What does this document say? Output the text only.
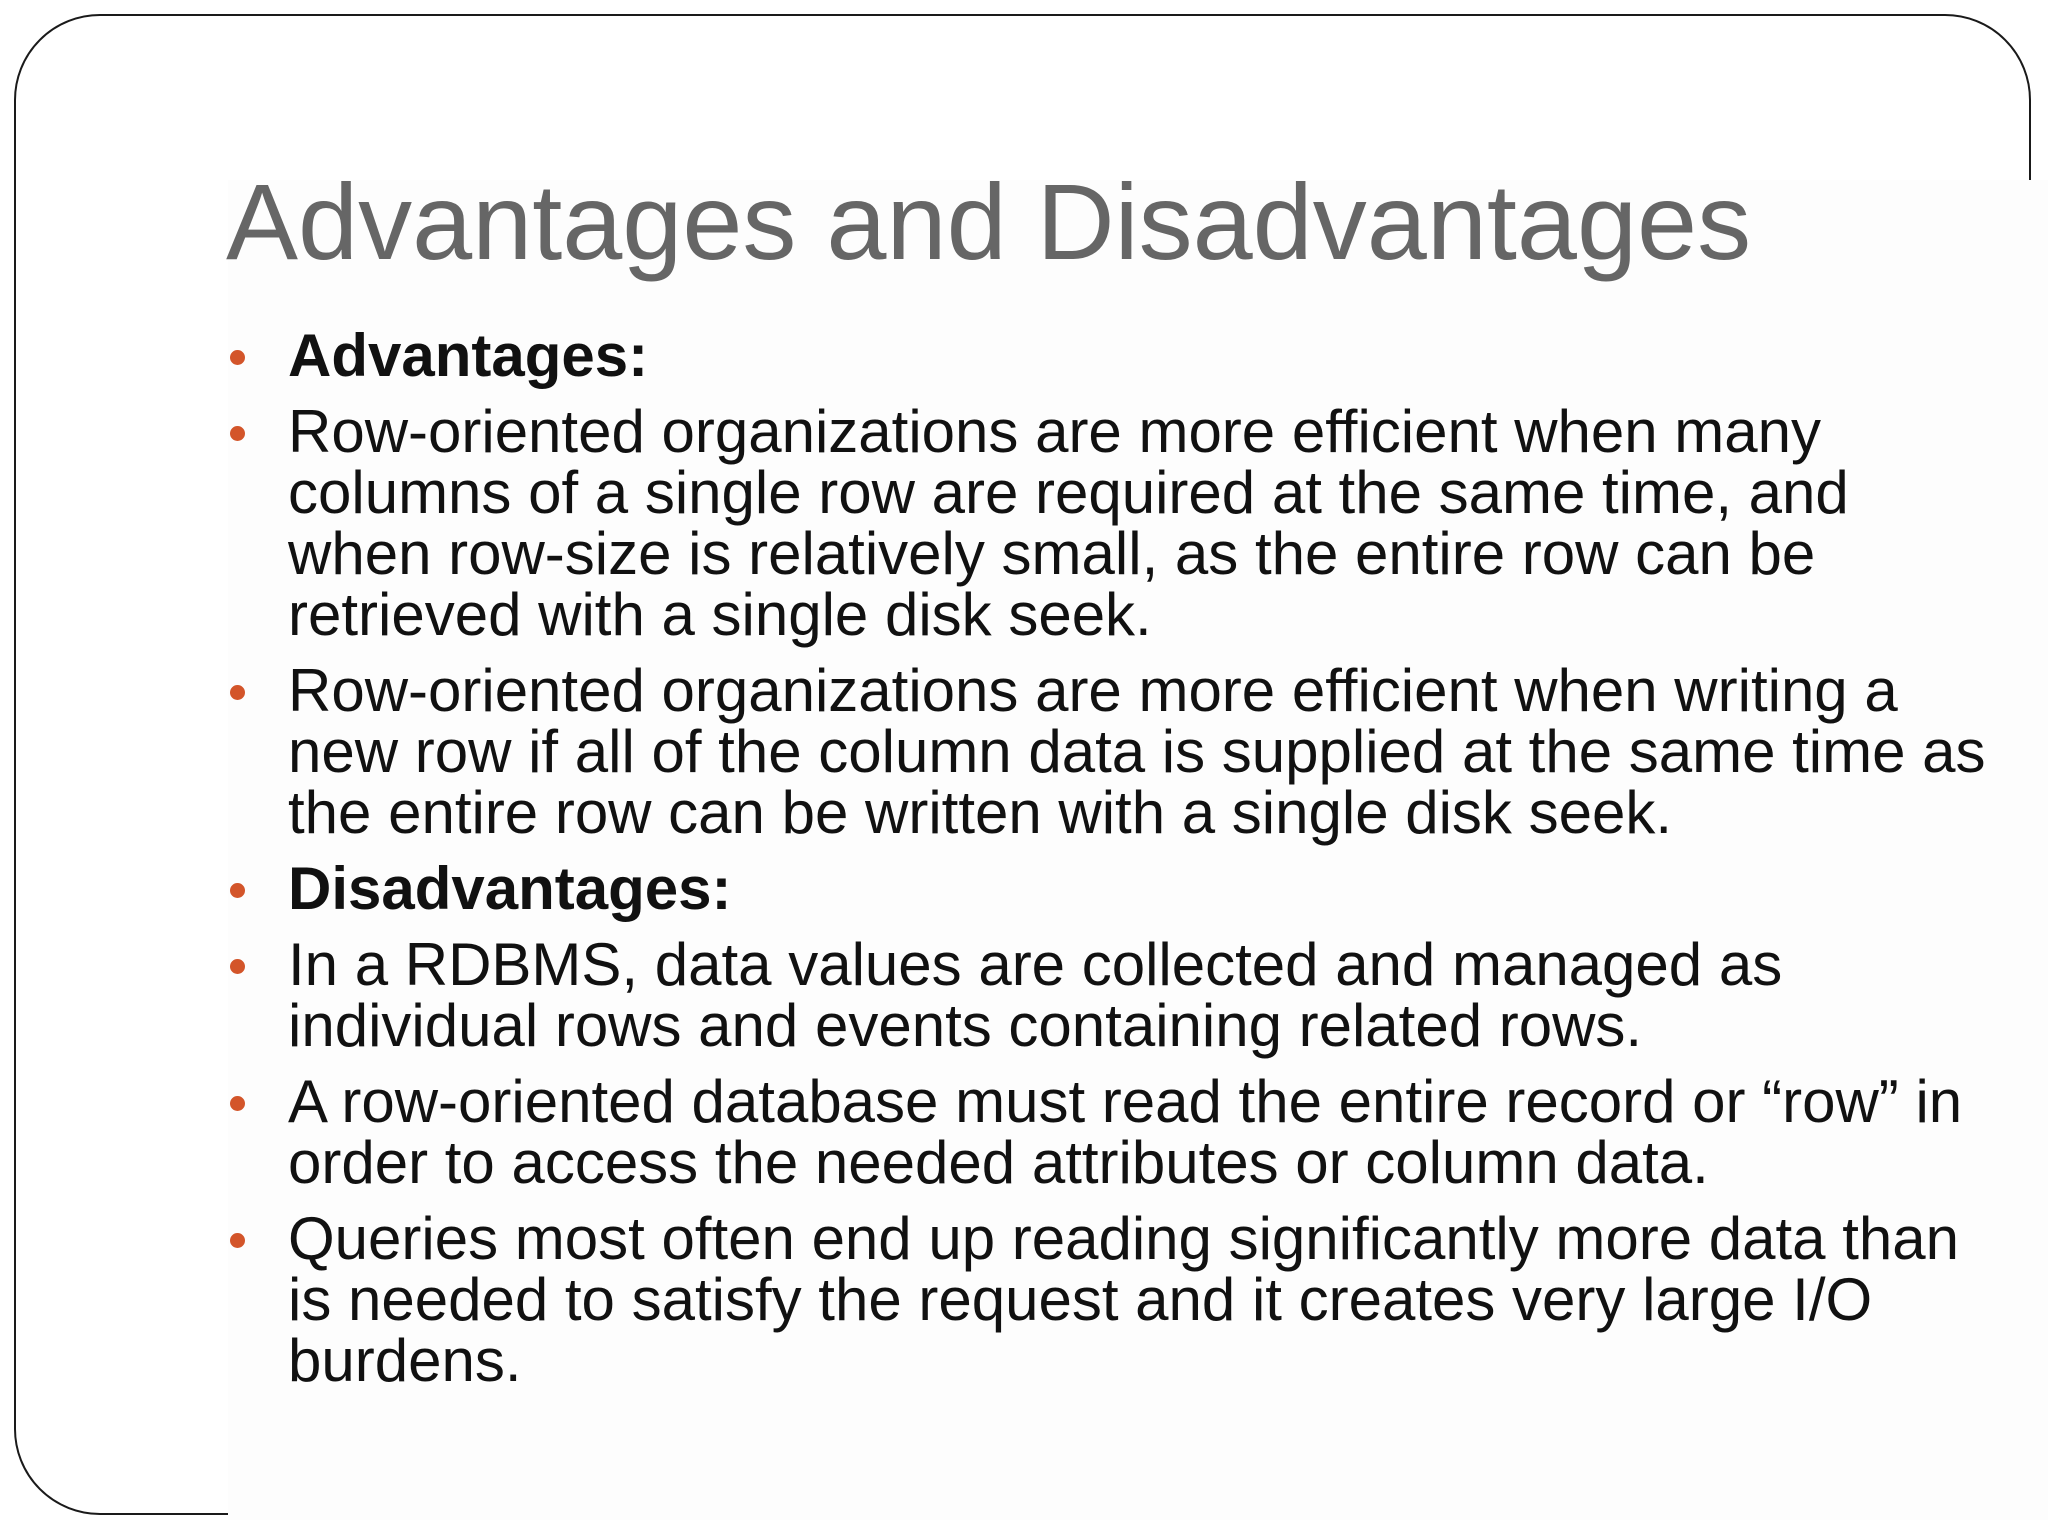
Advantages and Disadvantages
Advantages:
Row-oriented organizations are more efficient when many columns of a single row are required at the same time, and when row-size is relatively small, as the entire row can be retrieved with a single disk seek.
Row-oriented organizations are more efficient when writing a new row if all of the column data is supplied at the same time as the entire row can be written with a single disk seek.
Disadvantages:
In a RDBMS, data values are collected and managed as individual rows and events containing related rows.
A row-oriented database must read the entire record or “row” in order to access the needed attributes or column data.
Queries most often end up reading significantly more data than is needed to satisfy the request and it creates very large I/O burdens.
